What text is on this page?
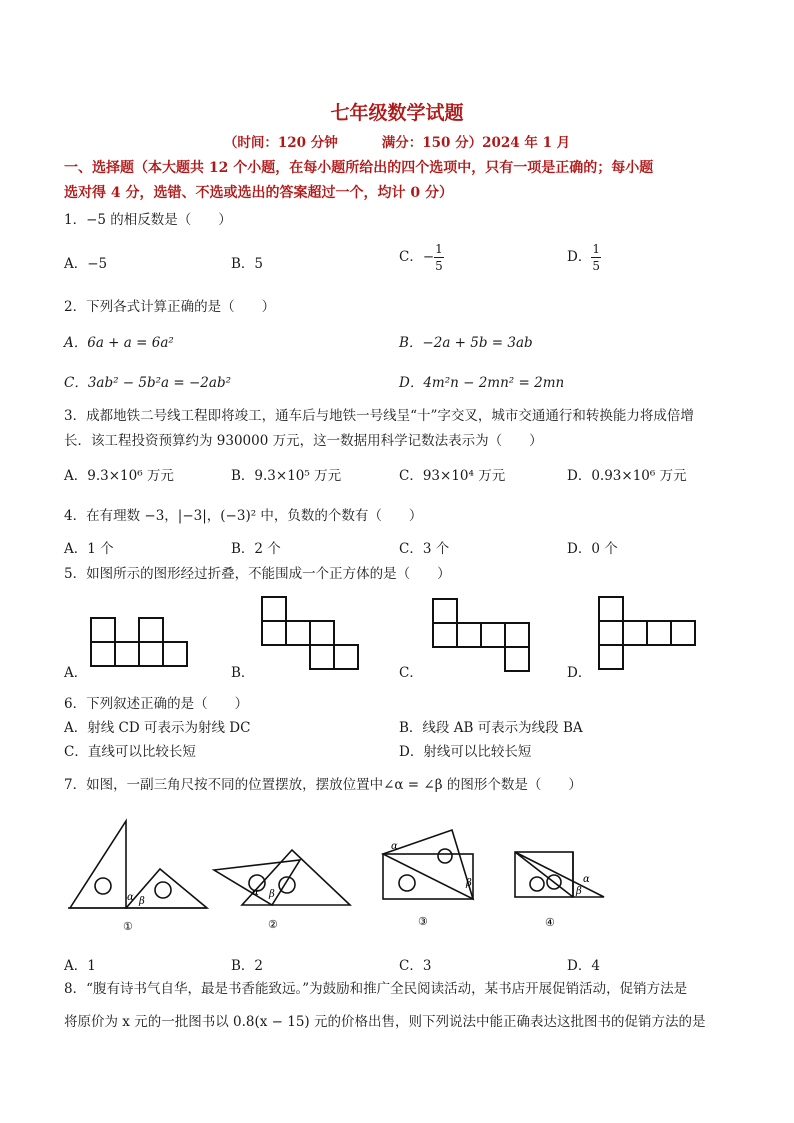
七年级数学试题
（时间：120 分钟	满分：150 分）2024 年 1 月
一、选择题（本大题共 12 个小题，在每小题所给出的四个选项中，只有一项是正确的；每小题
选对得 4 分，选错、不选或选出的答案超过一个，均计 0 分）
1．−5 的相反数是（　　）
A．−5	B．5	C．− $\frac{1}{5}$	D． $\frac{1}{5}$
2．下列各式计算正确的是（　　）
A．6a + a = 6a²	B．−2a + 5b = 3ab
C．3ab² − 5b²a = −2ab²	D．4m²n − 2mn² = 2mn
3．成都地铁二号线工程即将竣工，通车后与地铁一号线呈“十”字交叉，城市交通通行和转换能力将成倍增
长．该工程投资预算约为 930000 万元，这一数据用科学记数法表示为（　　）
A．9.3×10⁶ 万元	B．9.3×10⁵ 万元	C．93×10⁴ 万元	D．0.93×10⁶ 万元
4．在有理数 −3，|−3|，(−3)² 中，负数的个数有（　　）
A．1 个	B．2 个	C．3 个	D．0 个
5．如图所示的图形经过折叠，不能围成一个正方体的是（　　）
A．	B．	C．	D．
6．下列叙述正确的是（　　）
A．射线 CD 可表示为射线 DC	B．线段 AB 可表示为线段 BA
C．直线可以比较长短	D．射线可以比较长短
7．如图，一副三角尺按不同的位置摆放，摆放位置中∠α = ∠β 的图形个数是（　　）
α β
①
α β
②
α
β
③
α
β
④
A．1	B．2	C．3	D．4
8．“腹有诗书气自华，最是书香能致远。”为鼓励和推广全民阅读活动，某书店开展促销活动，促销方法是
将原价为 x 元的一批图书以 0.8(x − 15) 元的价格出售，则下列说法中能正确表达这批图书的促销方法的是
